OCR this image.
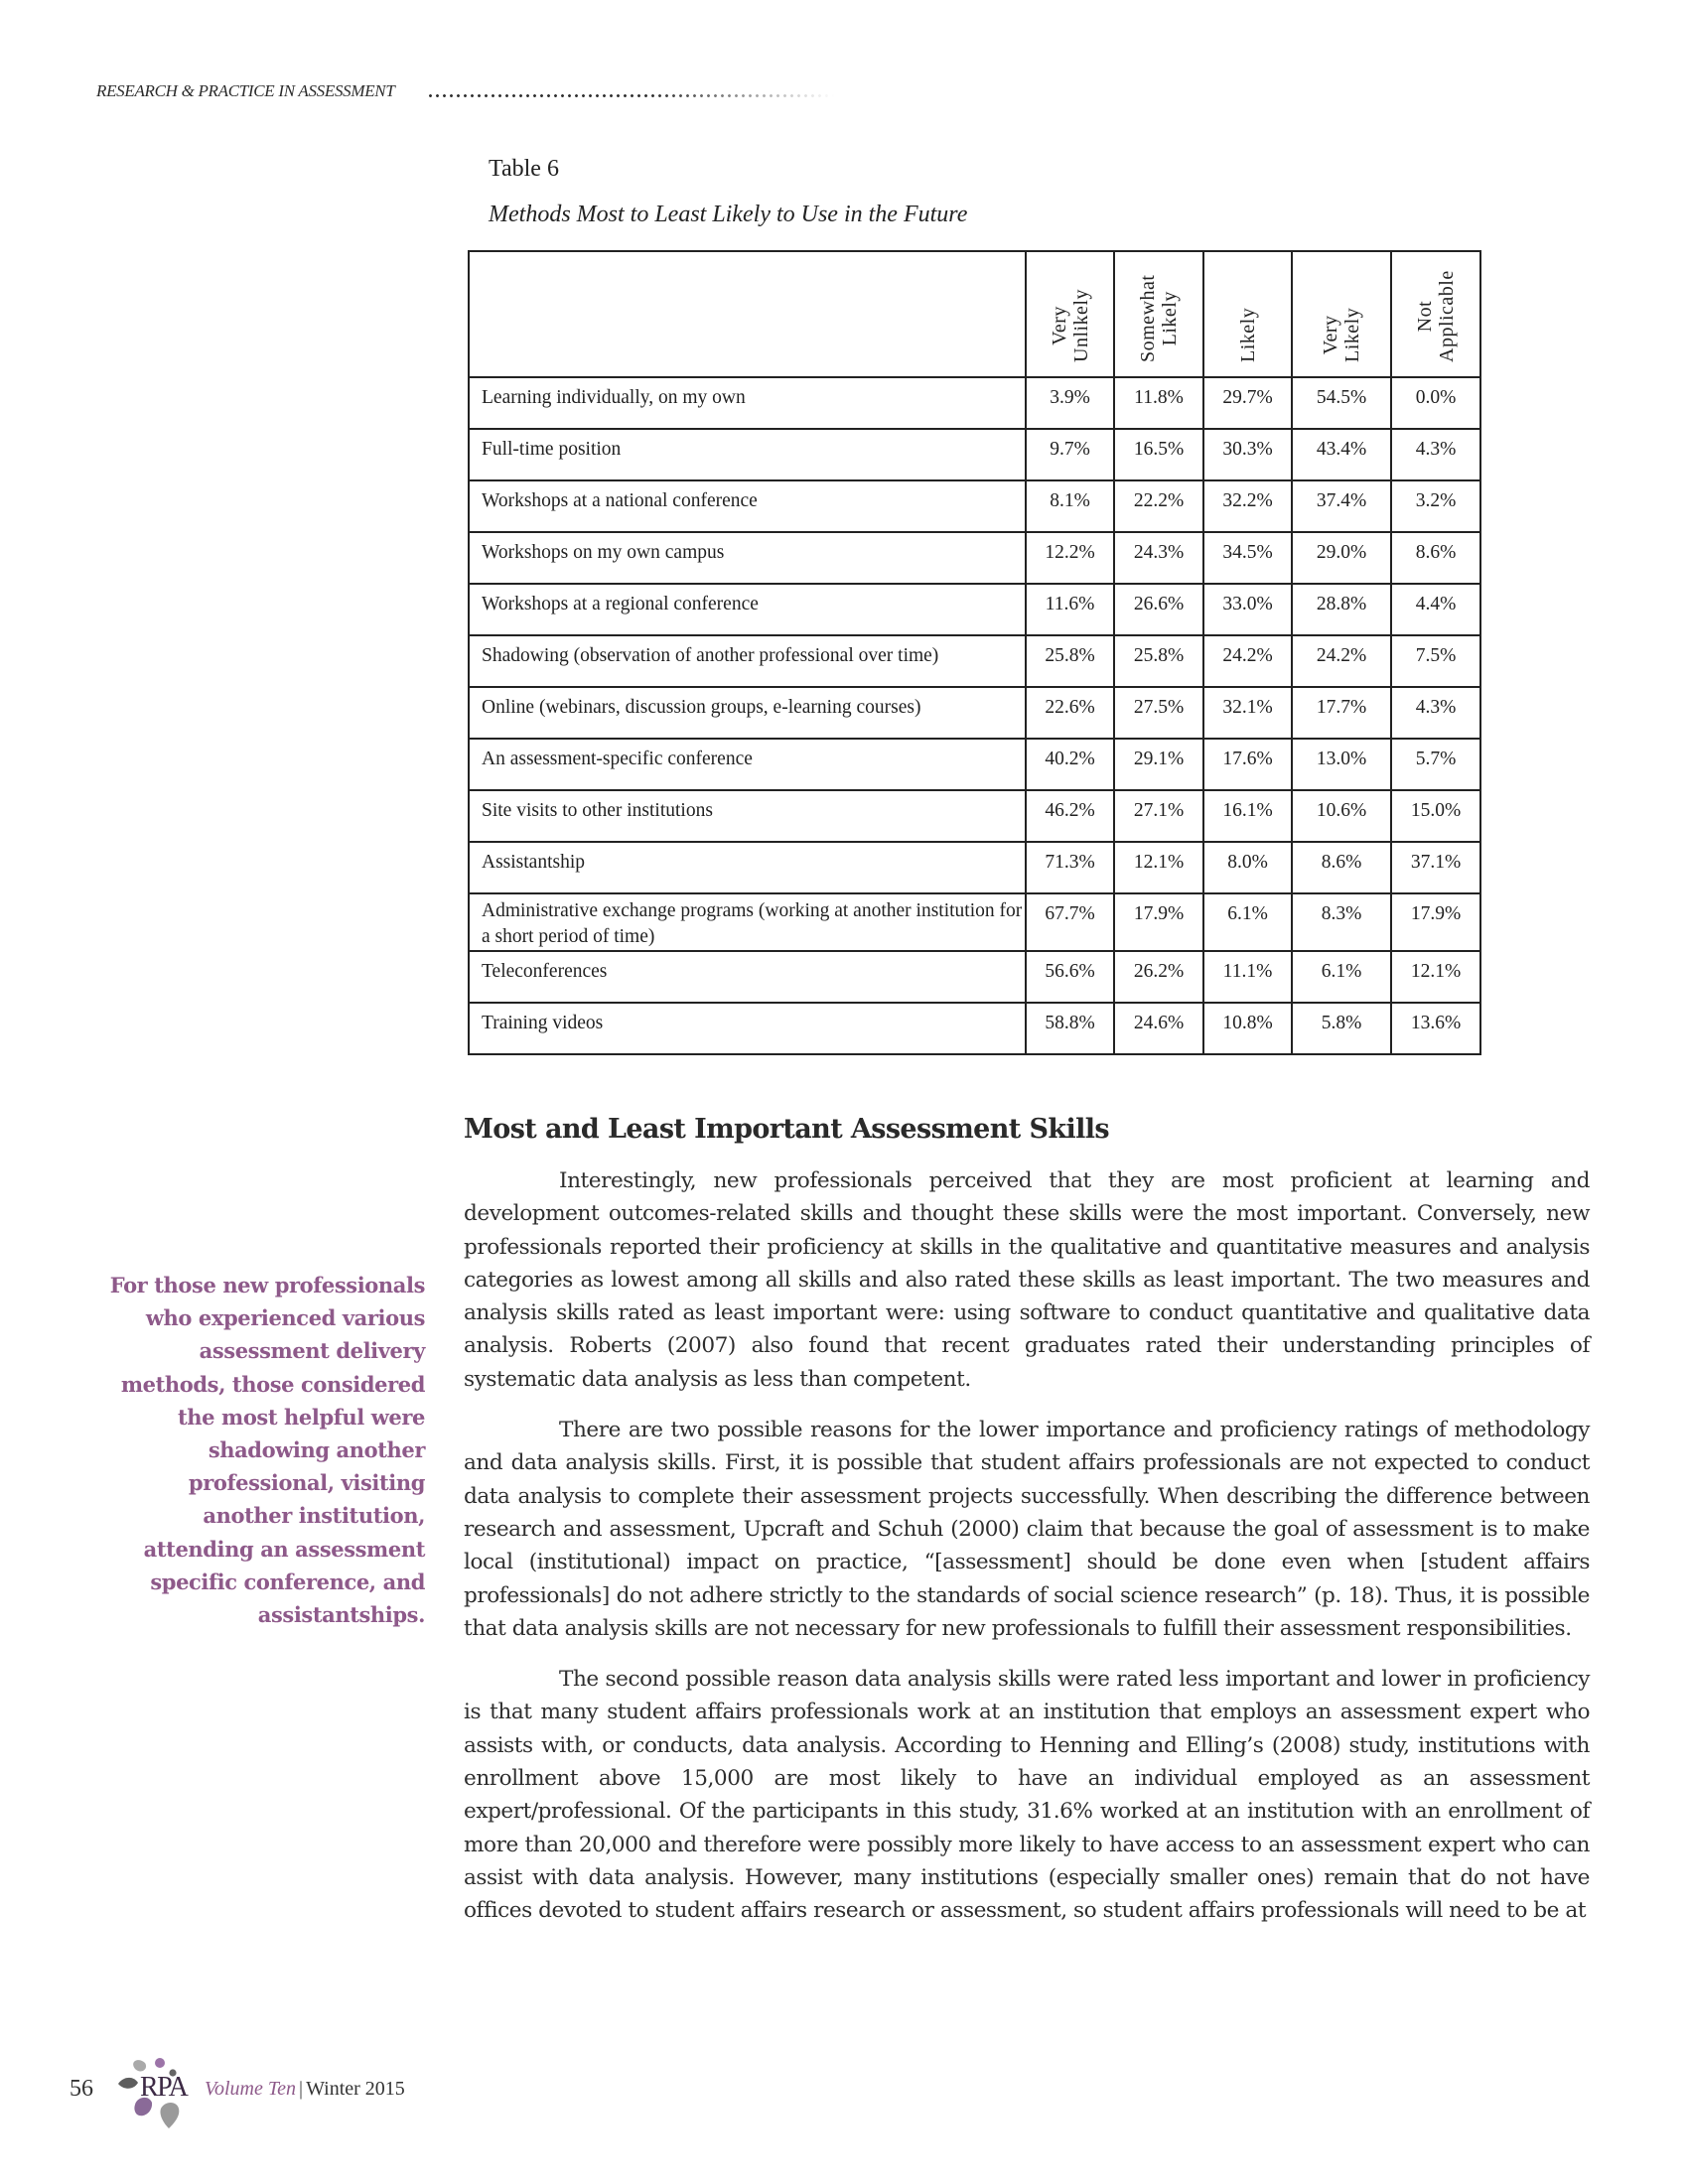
RESEARCH & PRACTICE IN ASSESSMENT
Table 6
Methods Most to Least Likely to Use in the Future

	Very Unlikely	Somewhat Likely	Likely	Very Likely	Not Applicable

Learning individually, on my own	3.9%	11.8%	29.7%	54.5%	0.0%
Full-time position	9.7%	16.5%	30.3%	43.4%	4.3%
Workshops at a national conference	8.1%	22.2%	32.2%	37.4%	3.2%
Workshops on my own campus	12.2%	24.3%	34.5%	29.0%	8.6%
Workshops at a regional conference	11.6%	26.6%	33.0%	28.8%	4.4%
Shadowing (observation of another professional over time)	25.8%	25.8%	24.2%	24.2%	7.5%
Online (webinars, discussion groups, e-learning courses)	22.6%	27.5%	32.1%	17.7%	4.3%
An assessment-specific conference	40.2%	29.1%	17.6%	13.0%	5.7%
Site visits to other institutions	46.2%	27.1%	16.1%	10.6%	15.0%
Assistantship	71.3%	12.1%	8.0%	8.6%	37.1%
Administrative exchange programs (working at another institution for a short period of time)	67.7%	17.9%	6.1%	8.3%	17.9%
Teleconferences	56.6%	26.2%	11.1%	6.1%	12.1%
Training videos	58.8%	24.6%	10.8%	5.8%	13.6%
Most and Least Important Assessment Skills

Interestingly, new professionals perceived that they are most proficient at learning and development outcomes-related skills and thought these skills were the most important. Conversely, new professionals reported their proficiency at skills in the qualitative and quantitative measures and analysis categories as lowest among all skills and also rated these skills as least important. The two measures and analysis skills rated as least important were: using software to conduct quantitative and qualitative data analysis. Roberts (2007) also found that recent graduates rated their understanding principles of systematic data analysis as less than competent.

There are two possible reasons for the lower importance and proficiency ratings of methodology and data analysis skills. First, it is possible that student affairs professionals are not expected to conduct data analysis to complete their assessment projects successfully. When describing the difference between research and assessment, Upcraft and Schuh (2000) claim that because the goal of assessment is to make local (institutional) impact on practice, “[assessment] should be done even when [student affairs professionals] do not adhere strictly to the standards of social science research” (p. 18). Thus, it is possible that data analysis skills are not necessary for new professionals to fulfill their assessment responsibilities.

The second possible reason data analysis skills were rated less important and lower in proficiency is that many student affairs professionals work at an institution that employs an assessment expert who assists with, or conducts, data analysis. According to Henning and Elling’s (2008) study, institutions with enrollment above 15,000 are most likely to have an individual employed as an assessment expert/professional. Of the participants in this study, 31.6% worked at an institution with an enrollment of more than 20,000 and therefore were possibly more likely to have access to an assessment expert who can assist with data analysis. However, many institutions (especially smaller ones) remain that do not have offices devoted to student affairs research or assessment, so student affairs professionals will need to be at

For those new professionals who experienced various assessment delivery methods, those considered the most helpful were shadowing another professional, visiting another institution, attending an assessment specific conference, and assistantships.
56 RPA Volume Ten | Winter 2015
